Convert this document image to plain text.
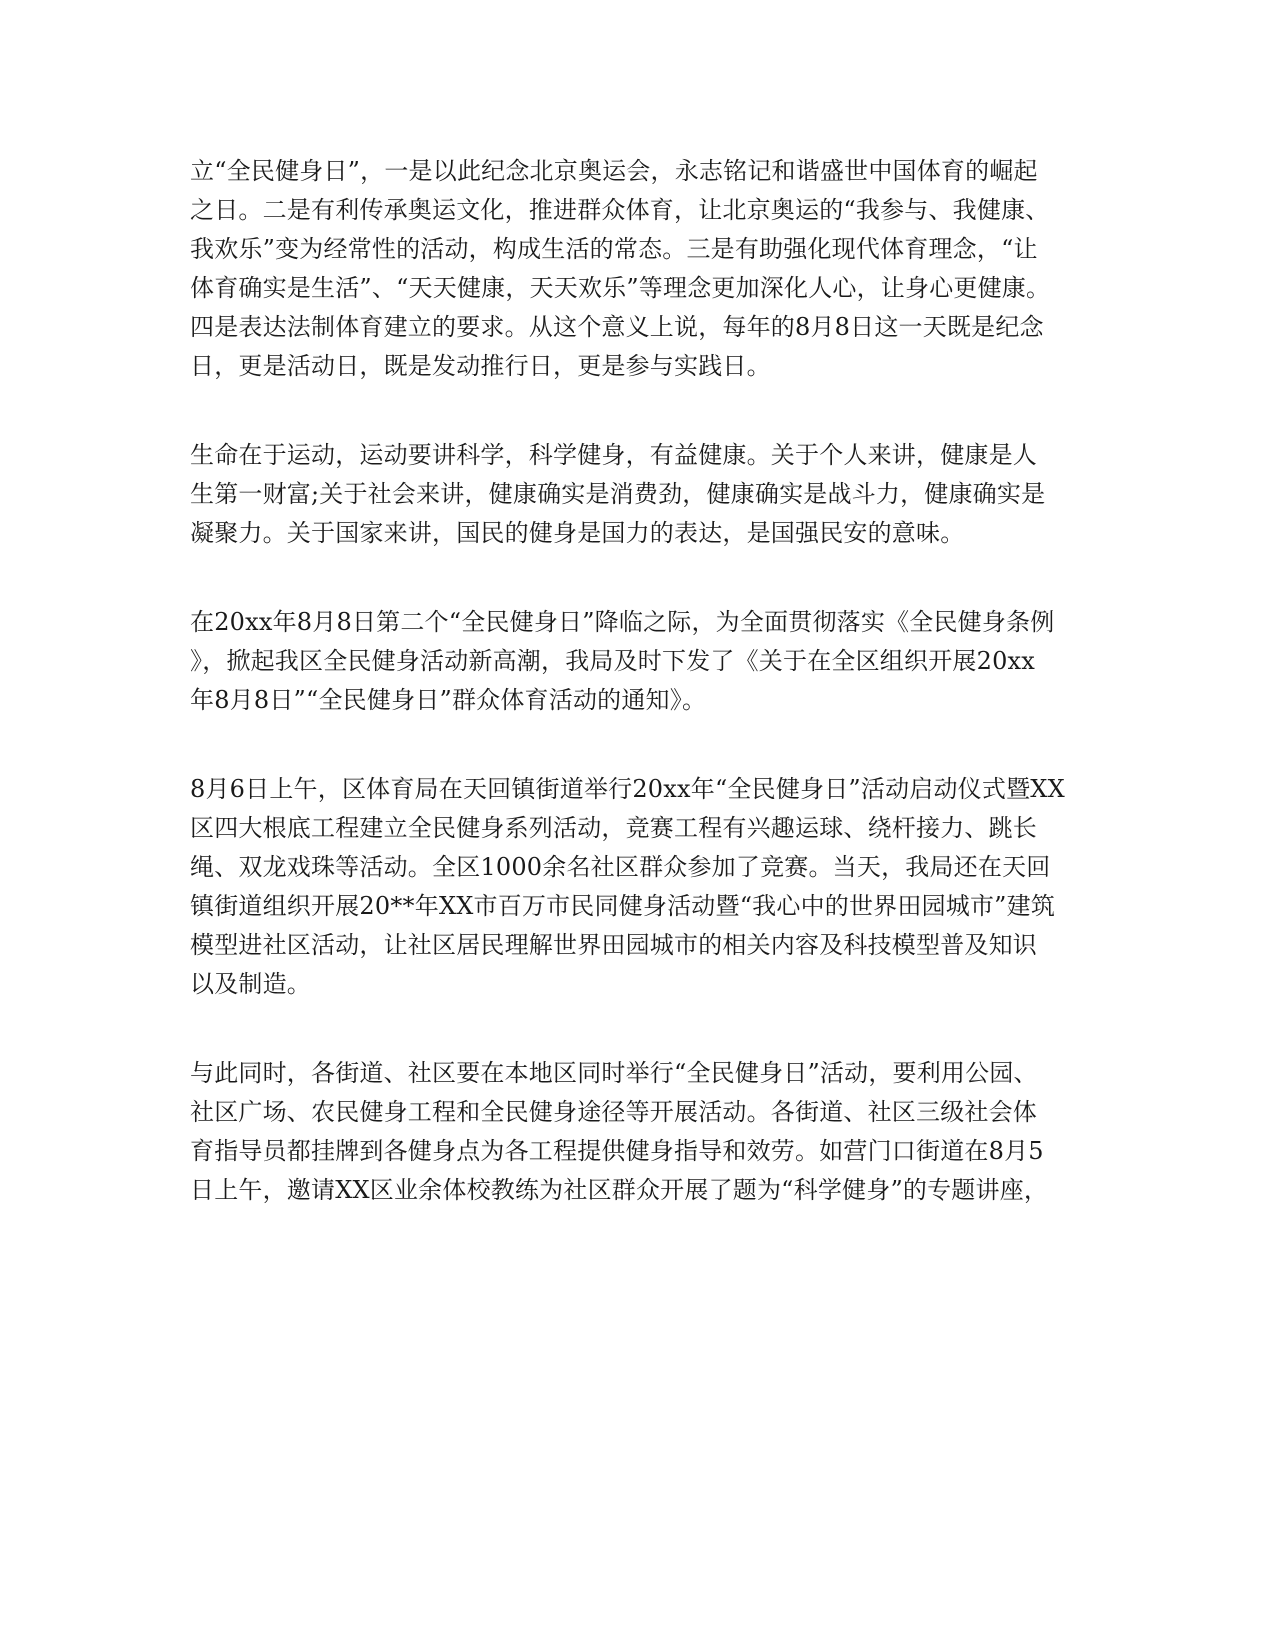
立“全民健身日”，一是以此纪念北京奥运会，永志铭记和谐盛世中国体育的崛起
之日。二是有利传承奥运文化，推进群众体育，让北京奥运的“我参与、我健康、
我欢乐”变为经常性的活动，构成生活的常态。三是有助强化现代体育理念，“让
体育确实是生活”、“天天健康，天天欢乐”等理念更加深化人心，让身心更健康。
四是表达法制体育建立的要求。从这个意义上说，每年的8月8日这一天既是纪念
日，更是活动日，既是发动推行日，更是参与实践日。

生命在于运动，运动要讲科学，科学健身，有益健康。关于个人来讲，健康是人
生第一财富;关于社会来讲，健康确实是消费劲，健康确实是战斗力，健康确实是
凝聚力。关于国家来讲，国民的健身是国力的表达，是国强民安的意味。

在20xx年8月8日第二个“全民健身日”降临之际，为全面贯彻落实《全民健身条例
》，掀起我区全民健身活动新高潮，我局及时下发了《关于在全区组织开展20xx
年8月8日”“全民健身日”群众体育活动的通知》。

8月6日上午，区体育局在天回镇街道举行20xx年“全民健身日”活动启动仪式暨XX
区四大根底工程建立全民健身系列活动，竞赛工程有兴趣运球、绕杆接力、跳长
绳、双龙戏珠等活动。全区1000余名社区群众参加了竞赛。当天，我局还在天回
镇街道组织开展20**年XX市百万市民同健身活动暨“我心中的世界田园城市”建筑
模型进社区活动，让社区居民理解世界田园城市的相关内容及科技模型普及知识
以及制造。

与此同时，各街道、社区要在本地区同时举行“全民健身日”活动，要利用公园、
社区广场、农民健身工程和全民健身途径等开展活动。各街道、社区三级社会体
育指导员都挂牌到各健身点为各工程提供健身指导和效劳。如营门口街道在8月5
日上午，邀请XX区业余体校教练为社区群众开展了题为“科学健身”的专题讲座，
